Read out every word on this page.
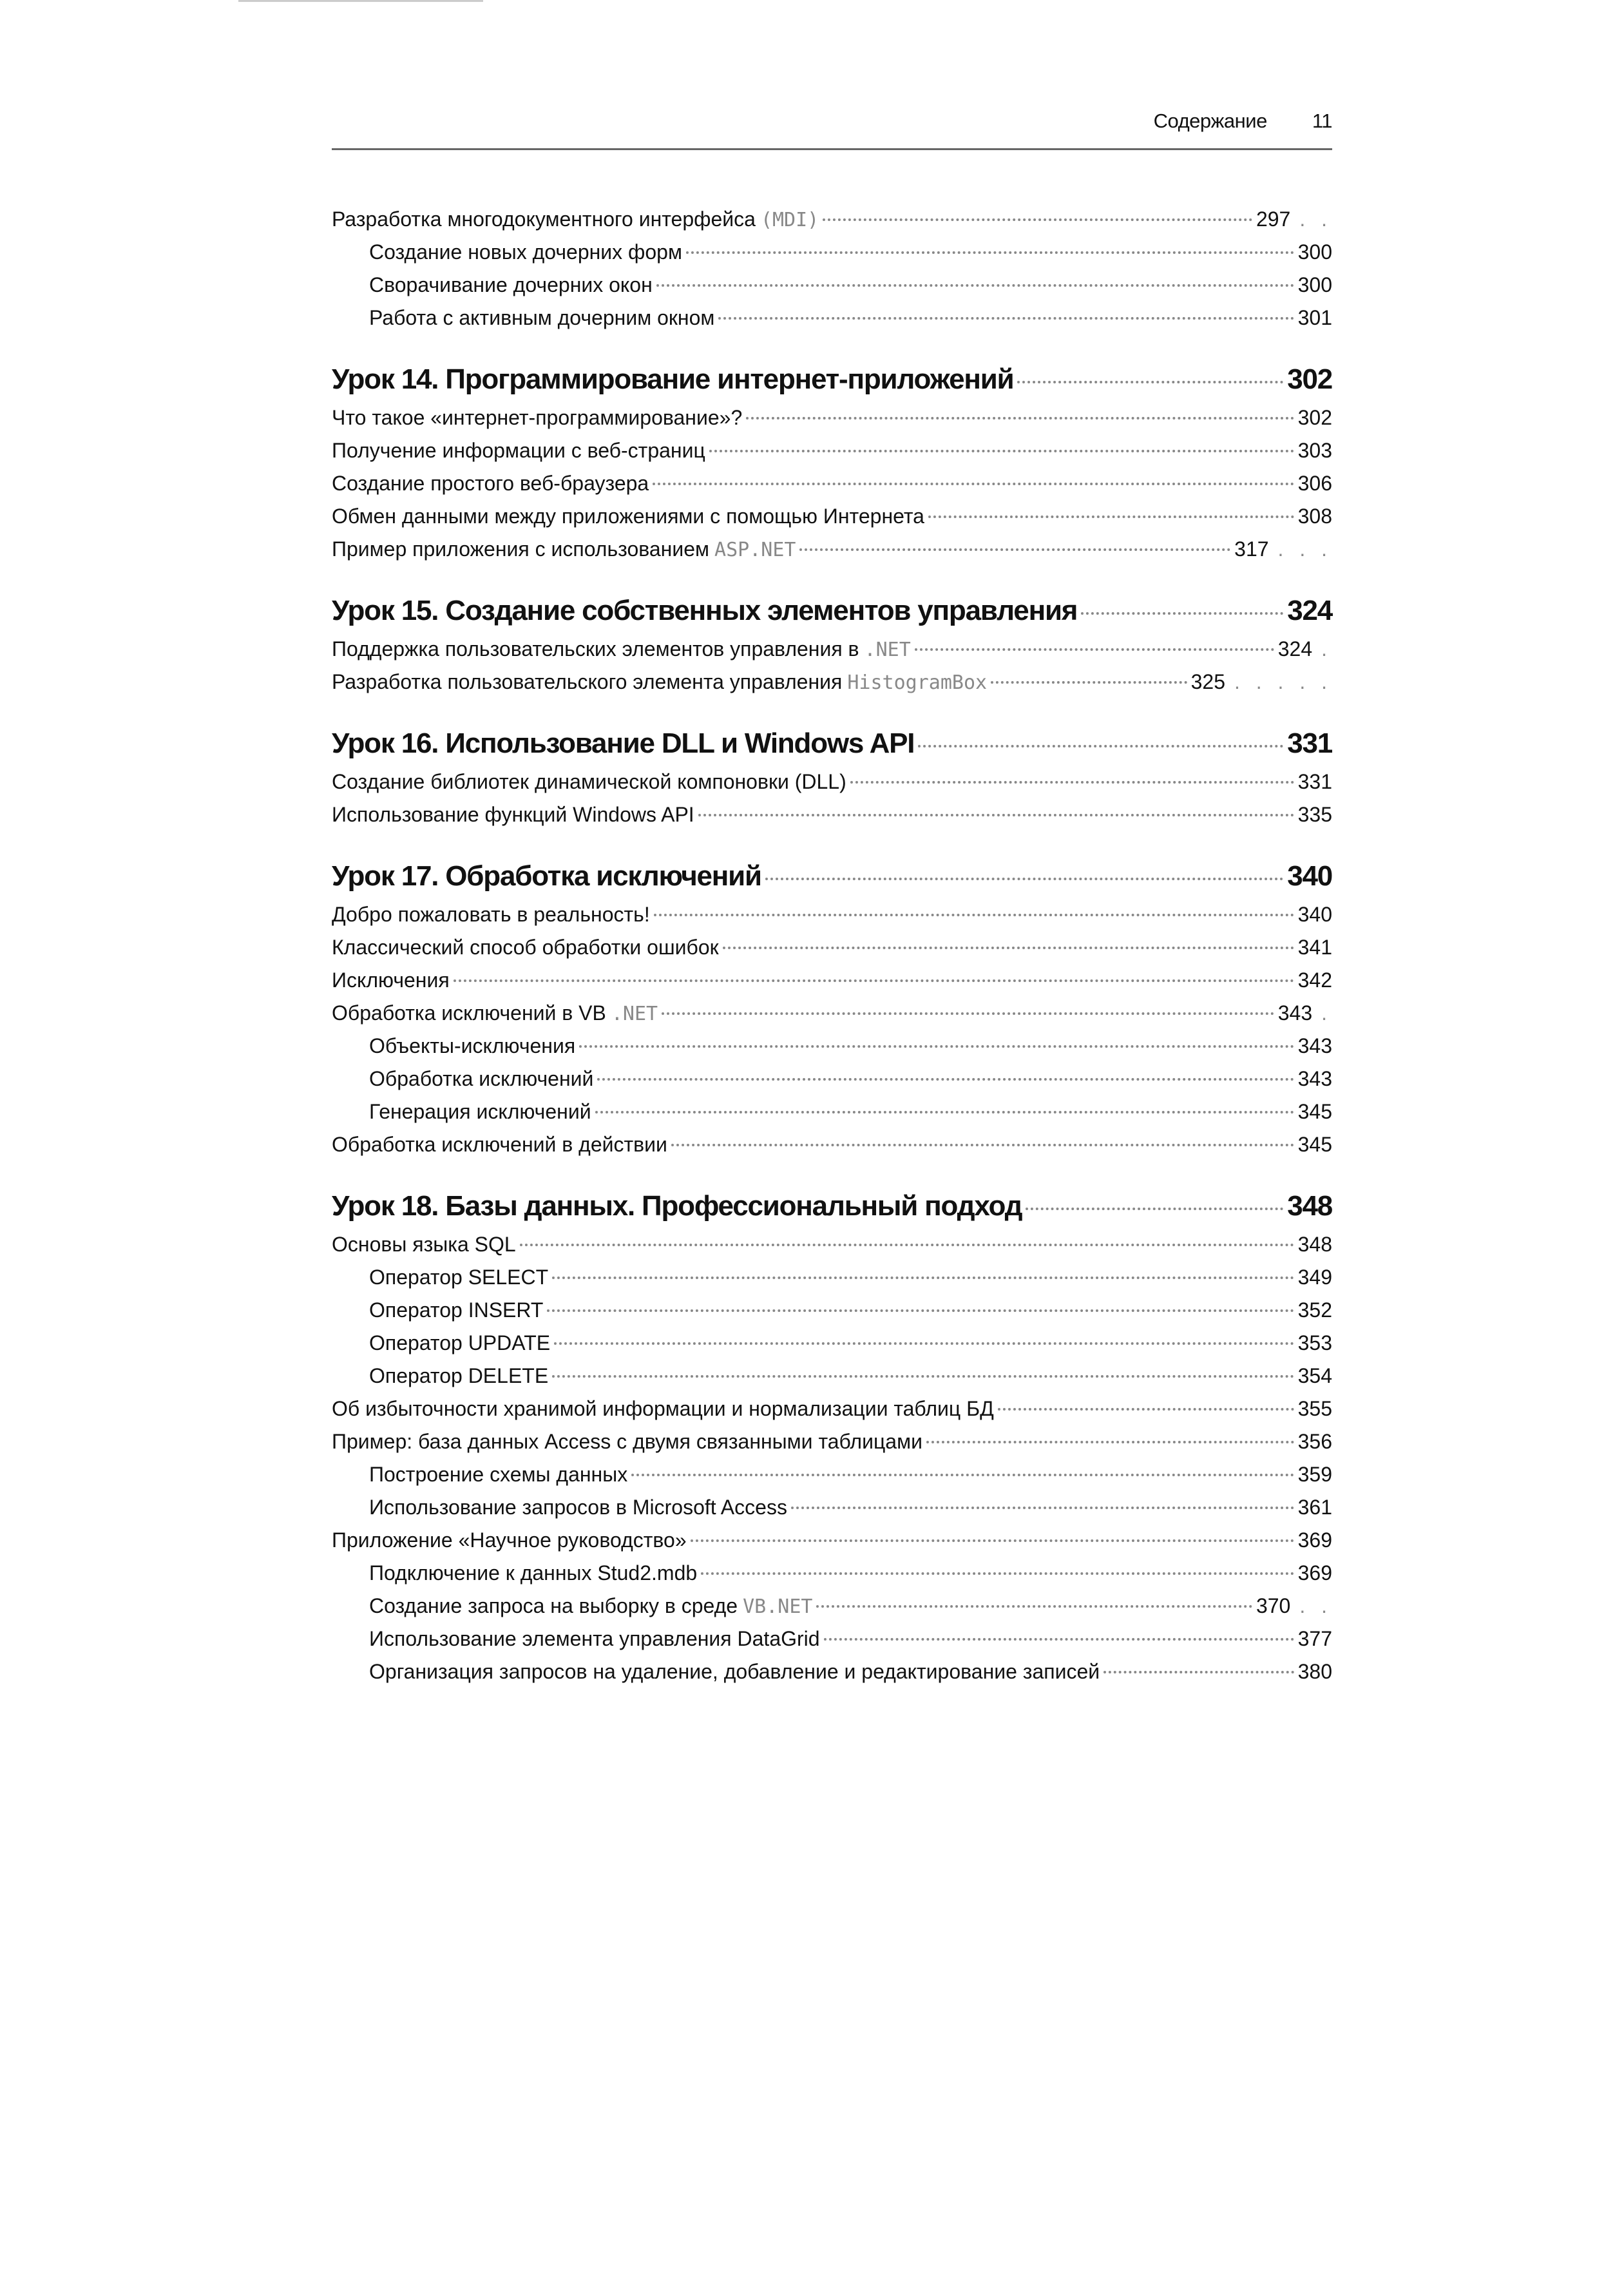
Содержание 11
Разработка многодокументного интерфейса (MDI)	297 . .
Создание новых дочерних форм	300
Сворачивание дочерних окон	300
Работа с активным дочерним окном	301
Урок 14. Программирование интернет-приложений	302
Что такое «интернет-программирование»?	302
Получение информации с веб-страниц	303
Создание простого веб-браузера	306
Обмен данными между приложениями с помощью Интернета	308
Пример приложения с использованием ASP.NET	317 . . .
Урок 15. Создание собственных элементов управления	324
Поддержка пользовательских элементов управления в .NET	324 .
Разработка пользовательского элемента управления HistogramBox	325 . . . . .
Урок 16. Использование DLL и Windows API	331
Создание библиотек динамической компоновки (DLL)	331
Использование функций Windows API	335
Урок 17. Обработка исключений	340
Добро пожаловать в реальность!	340
Классический способ обработки ошибок	341
Исключения	342
Обработка исключений в VB .NET	343 .
Объекты-исключения	343
Обработка исключений	343
Генерация исключений	345
Обработка исключений в действии	345
Урок 18. Базы данных. Профессиональный подход	348
Основы языка SQL	348
Оператор SELECT	349
Оператор INSERT	352
Оператор UPDATE	353
Оператор DELETE	354
Об избыточности хранимой информации и нормализации таблиц БД	355
Пример: база данных Access с двумя связанными таблицами	356
Построение схемы данных	359
Использование запросов в Microsoft Access	361
Приложение «Научное руководство»	369
Подключение к данных Stud2.mdb	369
Создание запроса на выборку в среде VB.NET	370 . .
Использование элемента управления DataGrid	377
Организация запросов на удаление, добавление и редактирование записей	380
